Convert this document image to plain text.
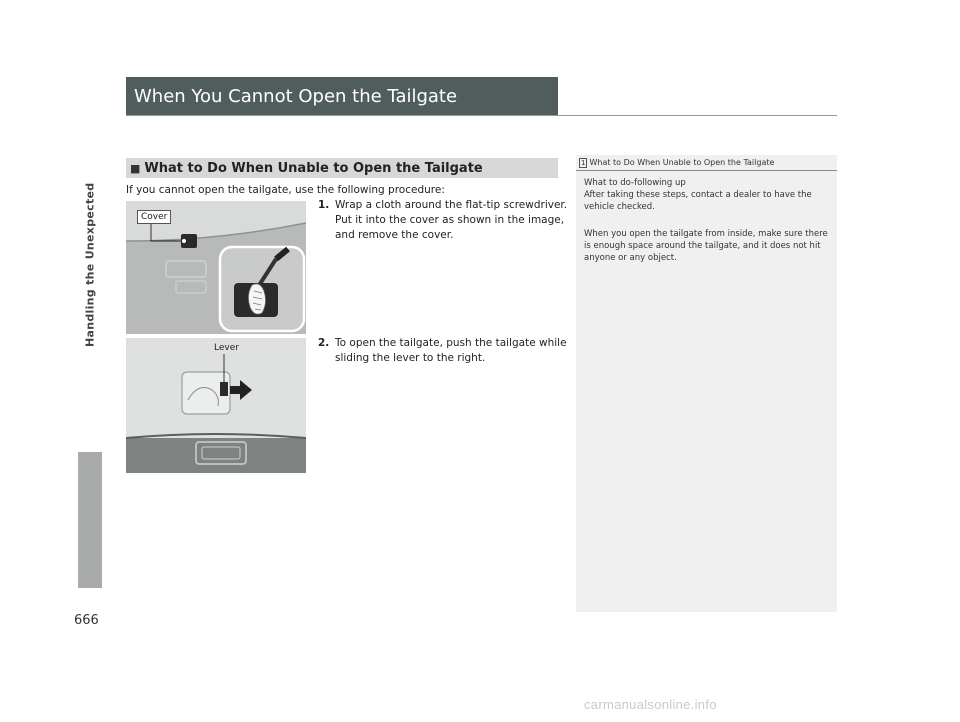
Handling the Unexpected
666
When You Cannot Open the Tailgate
■ What to Do When Unable to Open the Tailgate
If you cannot open the tailgate, use the following procedure:
Cover
1. Wrap a cloth around the flat-tip screwdriver. Put it into the cover as shown in the image, and remove the cover.
Lever	2. To open the tailgate, push the tailgate while sliding the lever to the right.
1 What to Do When Unable to Open the Tailgate
What to do-following up
After taking these steps, contact a dealer to have the vehicle checked.
When you open the tailgate from inside, make sure there is enough space around the tailgate, and it does not hit anyone or any object.
carmanualsonline.info
